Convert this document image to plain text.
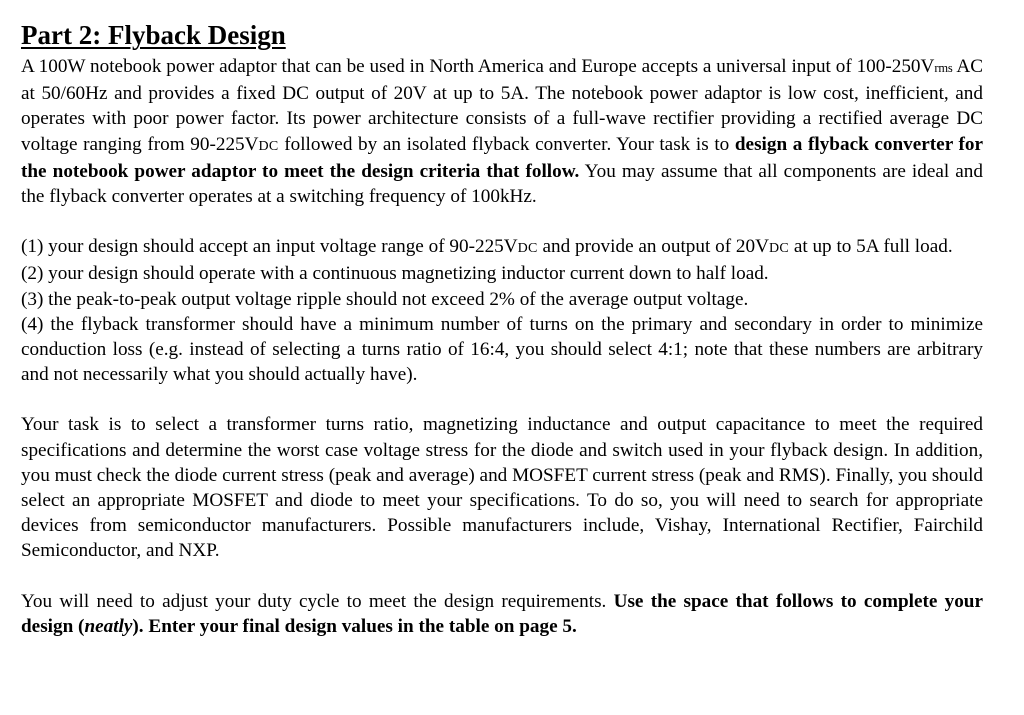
Part 2: Flyback Design

A 100W notebook power adaptor that can be used in North America and Europe accepts a universal input of 100-250Vrms AC at 50/60Hz and provides a fixed DC output of 20V at up to 5A. The notebook power adaptor is low cost, inefficient, and operates with poor power factor. Its power architecture consists of a full-wave rectifier providing a rectified average DC voltage ranging from 90-225VDC followed by an isolated flyback converter. Your task is to design a flyback converter for the notebook power adaptor to meet the design criteria that follow. You may assume that all components are ideal and the flyback converter operates at a switching frequency of 100kHz.

(1) your design should accept an input voltage range of 90-225VDC and provide an output of 20VDC at up to 5A full load.

(2) your design should operate with a continuous magnetizing inductor current down to half load.

(3) the peak-to-peak output voltage ripple should not exceed 2% of the average output voltage.

(4) the flyback transformer should have a minimum number of turns on the primary and secondary in order to minimize conduction loss (e.g. instead of selecting a turns ratio of 16:4, you should select 4:1; note that these numbers are arbitrary and not necessarily what you should actually have).

Your task is to select a transformer turns ratio, magnetizing inductance and output capacitance to meet the required specifications and determine the worst case voltage stress for the diode and switch used in your flyback design. In addition, you must check the diode current stress (peak and average) and MOSFET current stress (peak and RMS). Finally, you should select an appropriate MOSFET and diode to meet your specifications. To do so, you will need to search for appropriate devices from semiconductor manufacturers. Possible manufacturers include, Vishay, International Rectifier, Fairchild Semiconductor, and NXP.

You will need to adjust your duty cycle to meet the design requirements. Use the space that follows to complete your design (neatly). Enter your final design values in the table on page 5.
